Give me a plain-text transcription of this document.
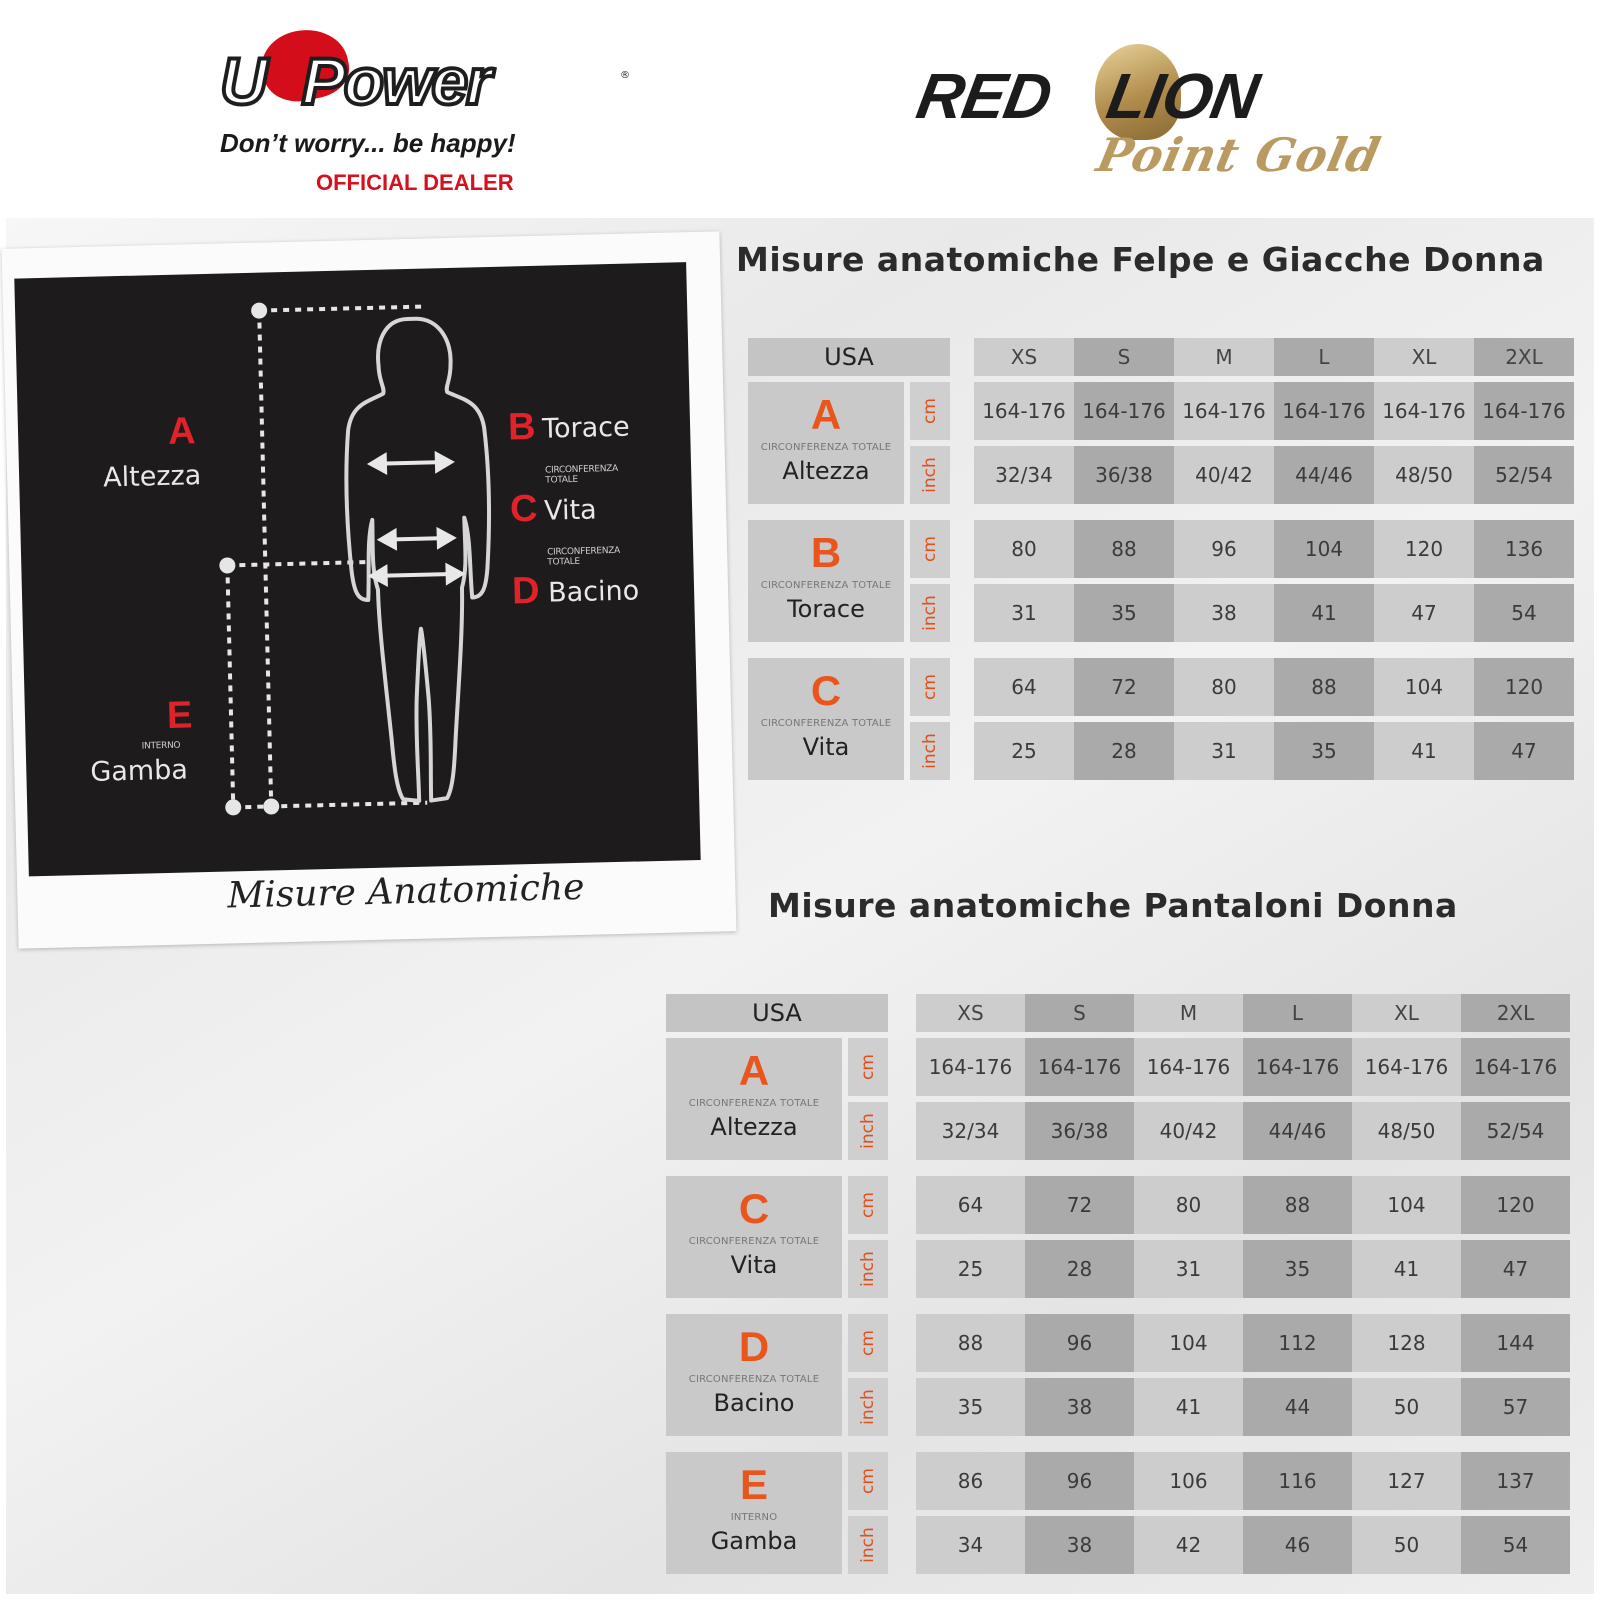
U Power	®
Don’t worry... be happy!
OFFICIAL DEALER
RED LION
Point Gold
A
Altezza
B Torace
CIRCONFERENZA TOTALE
C Vita
CIRCONFERENZA TOTALE
D Bacino
E
INTERNO
Gamba
Misure Anatomiche
Misure anatomiche Felpe e Giacche Donna
Misure anatomiche Pantaloni Donna
USA	XS	S	M	L	XL	2XL
A
CIRCONFERENZA TOTALE
Altezza
cm	164-176 164-176 164-176 164-176 164-176 164-176
inch	32/34	36/38	40/42	44/46	48/50	52/54
B
CIRCONFERENZA TOTALE
Torace
cm	80	88	96	104	120	136
inch	31	35	38	41	47	54
C
CIRCONFERENZA TOTALE
Vita
cm	64	72	80	88	104	120
inch	25	28	31	35	41	47
USA	XS	S	M	L	XL	2XL
A
CIRCONFERENZA TOTALE
Altezza
cm	164-176	164-176	164-176	164-176	164-176	164-176
inch	32/34	36/38	40/42	44/46	48/50	52/54
C
CIRCONFERENZA TOTALE
Vita
cm	64	72	80	88	104	120
inch	25	28	31	35	41	47
D
CIRCONFERENZA TOTALE
Bacino
cm	88	96	104	112	128	144
inch	35	38	41	44	50	57
E
INTERNO
Gamba
cm	86	96	106	116	127	137
inch	34	38	42	46	50	54
